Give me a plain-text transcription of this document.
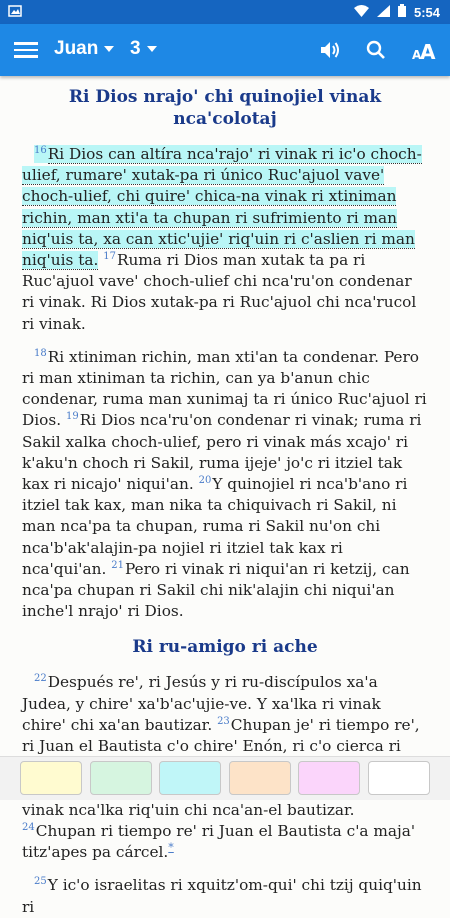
5:54
Juan 3	A
A
Ri Dios nrajo' chi quinojiel vinak nca'colotaj

$^{16}$Ri Dios can altíra nca'rajo' ri vinak ri ic'o choch-ulief, rumare' xutak-pa ri único Ruc'ajuol vave' choch-ulief, chi quire' chica-na vinak ri xtiniman richin, man xti'a ta chupan ri sufrimiento ri man niq'uis ta, xa can xtic'ujie' riq'uin ri c'aslien ri man niq'uis ta. $^{17}$Ruma ri Dios man xutak ta pa ri Ruc'ajuol vave' choch-ulief chi nca'ru'on condenar ri vinak. Ri Dios xutak-pa ri Ruc'ajuol chi nca'rucol ri vinak.

$^{18}$Ri xtiniman richin, man xti'an ta condenar. Pero ri man xtiniman ta richin, can ya b'anun chic condenar, ruma man xunimaj ta ri único Ruc'ajuol ri Dios. $^{19}$Ri Dios nca'ru'on condenar ri vinak; ruma ri Sakil xalka choch-ulief, pero ri vinak más xcajo' ri k'aku'n choch ri Sakil, ruma ijeje' jo'c ri itziel tak kax ri nicajo' niqui'an. $^{20}$Y quinojiel ri nca'b'ano ri itziel tak kax, man nika ta chiquivach ri Sakil, ni man nca'pa ta chupan, ruma ri Sakil nu'on chi nca'b'ak'alajin-pa nojiel ri itziel tak kax ri nca'qui'an. $^{21}$Pero ri vinak ri niqui'an ri ketzij, can nca'pa chupan ri Sakil chi nik'alajin chi niqui'an inche'l nrajo' ri Dios.

Ri ru-amigo ri ache

$^{22}$Después re', ri Jesús y ri ru-discípulos xa'a Judea, y chire' xa'b'ac'ujie-ve. Y xa'lka ri vinak chire' chi xa'an bautizar. $^{23}$Chupan je' ri tiempo re', ri Juan el Bautista c'o chire' Enón, ri c'o cierca ri vinak nca'lka riq'uin chi nca'an-el bautizar. $^{24}$Chupan ri tiempo re' ri Juan el Bautista c'a maja' titz'apes pa cárcel.*

$^{25}$Y ic'o israelitas ri xquitz'om-qui' chi tzij quiq'uin ri
